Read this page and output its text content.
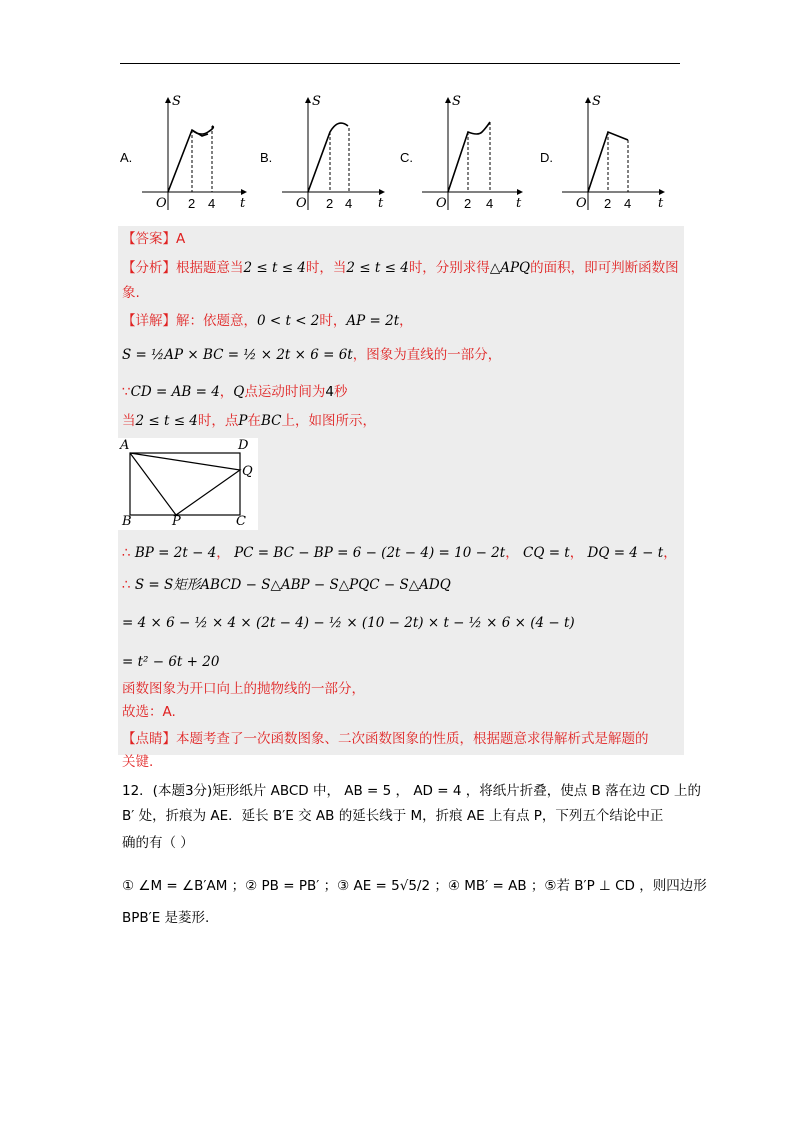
A.
S
t
O 2 4
B.
S
t
O 2 4
C.
S
t
O 2 4
D.
S
t
O 2 4
【答案】A
【分析】根据题意当2 ≤ t ≤ 4时，当2 ≤ t ≤ 4时，分别求得△APQ的面积，即可判断函数图
象.
【详解】解：依题意，0 < t < 2时，AP = 2t，
S = ½AP × BC = ½ × 2t × 6 = 6t，图象为直线的一部分，
∵CD = AB = 4，Q点运动时间为4秒
当2 ≤ t ≤ 4时，点P在BC上，如图所示，
A	D
Q
B	P	C
∴ BP = 2t − 4， PC = BC − BP = 6 − (2t − 4) = 10 − 2t， CQ = t， DQ = 4 − t，
∴ S = S矩形ABCD − S△ABP − S△PQC − S△ADQ
= 4 × 6 − ½ × 4 × (2t − 4) − ½ × (10 − 2t) × t − ½ × 6 × (4 − t)
= t² − 6t + 20
函数图象为开口向上的抛物线的一部分，
故选：A.
【点睛】本题考查了一次函数图象、二次函数图象的性质，根据题意求得解析式是解题的
关键.
12．(本题3分)矩形纸片 ABCD 中， AB = 5 ， AD = 4 ，将纸片折叠，使点 B 落在边 CD 上的
B′ 处，折痕为 AE．延长 B′E 交 AB 的延长线于 M，折痕 AE 上有点 P，下列五个结论中正
确的有（ ）
① ∠M = ∠B′AM ；② PB = PB′ ；③ AE = 5√5/2 ；④ MB′ = AB ；⑤若 B′P ⊥ CD ，则四边形
BPB′E 是菱形.
